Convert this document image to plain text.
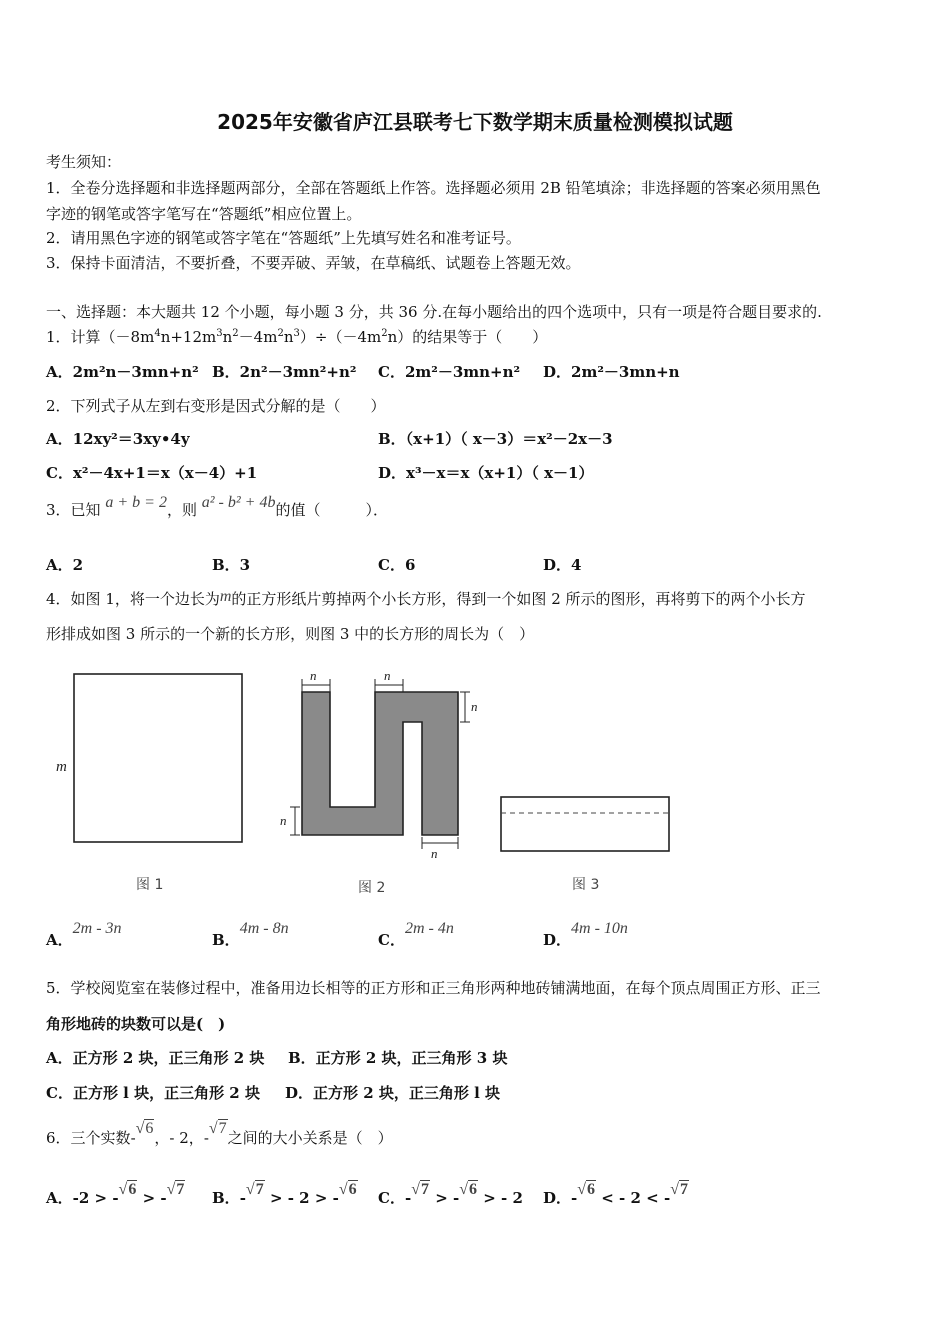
2025年安徽省庐江县联考七下数学期末质量检测模拟试题
考生须知：
1．全卷分选择题和非选择题两部分，全部在答题纸上作答。选择题必须用 2B 铅笔填涂；非选择题的答案必须用黑色
字迹的钢笔或答字笔写在“答题纸”相应位置上。
2．请用黑色字迹的钢笔或答字笔在“答题纸”上先填写姓名和准考证号。
3．保持卡面清洁，不要折叠，不要弄破、弄皱，在草稿纸、试题卷上答题无效。
一、选择题：本大题共 12 个小题，每小题 3 分，共 36 分.在每小题给出的四个选项中，只有一项是符合题目要求的.
1．计算$(-8m^4n+12m^3n^2-4m^2n^3)\div(-4m^2n)$的结果等于（　　）
A．2m²n－3mn+n² B．2n²－3mn²+n² C．2m²－3mn+n² D．2m²－3mn+n
2．下列式子从左到右变形是因式分解的是（　　）
A．12xy²＝3xy•4y	B．（x+1）（ x－3）＝x²－2x－3
C．x²－4x+1＝x（x－4）+1	D．x³－x＝x（x+1）（ x－1）
3．已知 a + b = 2，则 a² - b² + 4b的值（　　　）．
A．2	B．3	C．6	D．4
4．如图 1，将一个边长为m的正方形纸片剪掉两个小长方形，得到一个如图 2 所示的图形，再将剪下的两个小长方
形排成如图 3 所示的一个新的长方形，则图 3 中的长方形的周长为（　）
m
图 1
n	n
n
n
n
图 2	图 3
A．2m - 3n
B．4m - 8n
C．2m - 4n
D．4m - 10n
5．学校阅览室在装修过程中，准备用边长相等的正方形和正三角形两种地砖铺满地面，在每个顶点周围正方形、正三
角形地砖的块数可以是(　)
A．正方形 2 块，正三角形 2 块 B．正方形 2 块，正三角形 3 块
C．正方形 l 块，正三角形 2 块 D．正方形 2 块，正三角形 l 块
6．三个实数-√6，- 2，-√7之间的大小关系是（　）
A．-2 > -√6 > -√7 B．-√7 > - 2 > -√6 C．-√7 > -√6 > - 2 D．-√6 < - 2 < -√7
